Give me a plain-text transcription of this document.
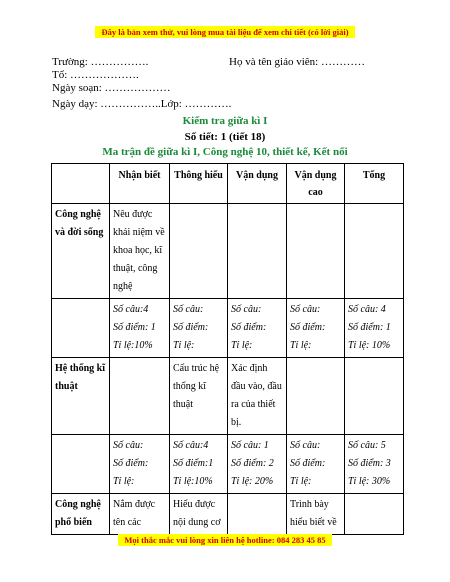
Đây là bản xem thử, vui lòng mua tài liệu để xem chi tiết (có lời giải)
Trường: …………….	Họ và tên giáo viên: …………
Tổ: ……………….
Ngày soạn: ………………
Ngày dạy: ……………..Lớp: ………….
Kiểm tra giữa kì I
Số tiết: 1 (tiết 18)
Ma trận đề giữa kì I, Công nghệ 10, thiết kế, Kết nối
	Nhận biết	Thông hiểu	Vận dụng	Vận dụng cao	Tổng
Công nghệ và đời sống	Nêu được khái niệm về khoa học, kĩ thuật, công nghệ				

	Số câu:4
Số điểm: 1
Tỉ lệ:10%	Số câu:
Số điểm:
Tỉ lệ:	Số câu:
Số điểm:
Tỉ lệ:	Số câu:
Số điểm:
Tỉ lệ:	Số câu: 4
Số điểm: 1
Tỉ lệ: 10%

Hệ thống kĩ thuật		Cấu trúc hệ thống kĩ thuật	Xác định đầu vào, đầu ra của thiết bị.		

	Số câu:
Số điểm:
Tỉ lệ:	Số câu:4
Số điểm:1
Tỉ lệ:10%	Số câu: 1
Số điểm: 2
Tỉ lệ: 20%	Số câu:
Số điểm:
Tỉ lệ:	Số câu: 5
Số điểm: 3
Tỉ lệ: 30%

Công nghệ phổ biến	Nắm được tên các	Hiểu được nội dung cơ		Trình bày hiểu biết về	
Mọi thắc mắc vui lòng xin liên hệ hotline: 084 283 45 85
